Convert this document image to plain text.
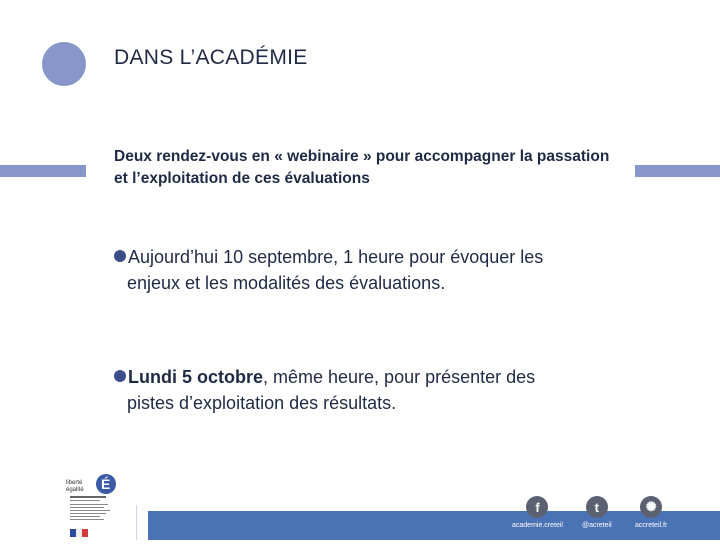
DANS L’ACADÉMIE
Deux rendez-vous en « webinaire » pour accompagner la passation et l’exploitation de ces évaluations
Aujourd’hui 10 septembre, 1 heure pour évoquer les
enjeux et les modalités des évaluations.
Lundi 5 octobre, même heure, pour présenter des
pistes d’exploitation des résultats.
liberté
égalité É
f
academie.creteil
t
@acreteil
✺
accreteil.fr
